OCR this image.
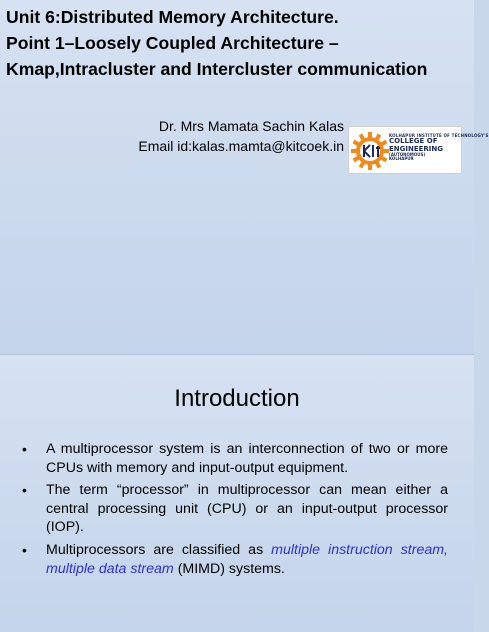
Unit 6:Distributed Memory Architecture.
Point 1–Loosely Coupled Architecture –
Kmap,Intracluster and Intercluster communication
Dr. Mrs Mamata Sachin Kalas
Email id:kalas.mamta@kitcoek.in
KOLHAPUR INSTITUTE OF TECHNOLOGY'S
COLLEGE OF
ENGINEERING
(AUTONOMOUS)
KOLHAPUR
Introduction
• A multiprocessor system is an interconnection of two or more CPUs with memory and input-output equipment.
• The term “processor” in multiprocessor can mean either a central processing unit (CPU) or an input-output processor (IOP).
• Multiprocessors are classified as multiple instruction stream, multiple data stream (MIMD) systems.
